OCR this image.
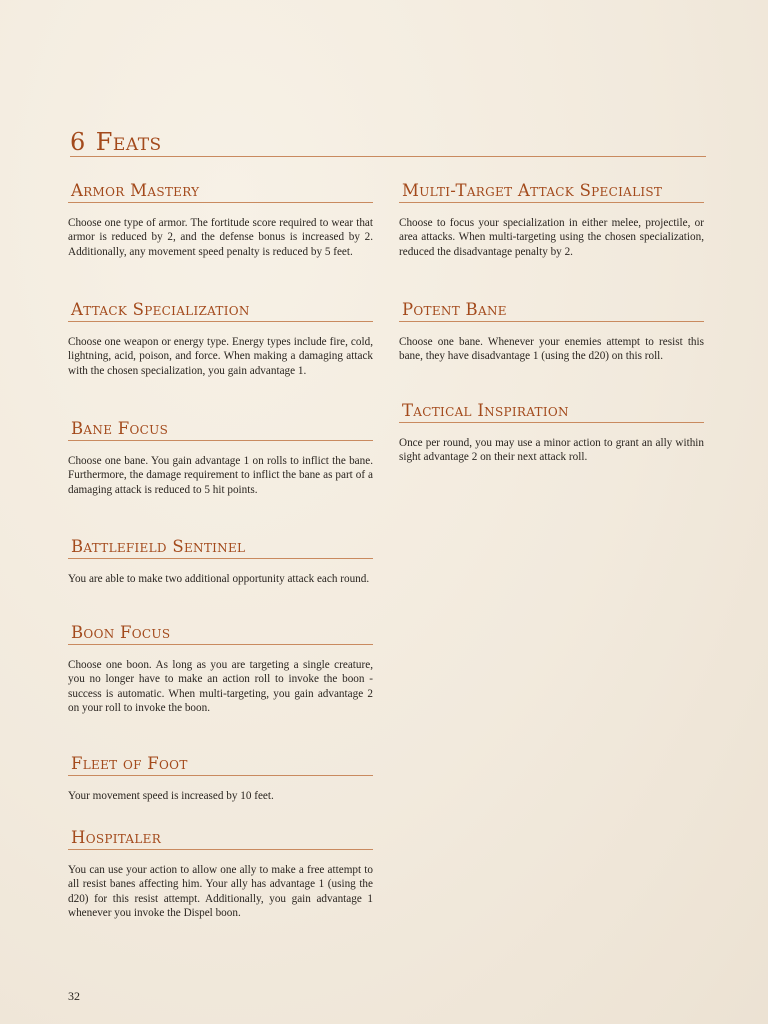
6 Feats
Armor Mastery

Choose one type of armor. The fortitude score required to wear that armor is reduced by 2, and the defense bonus is increased by 2. Additionally, any movement speed penalty is reduced by 5 feet.

Attack Specialization

Choose one weapon or energy type. Energy types include fire, cold, lightning, acid, poison, and force. When making a damaging attack with the chosen specialization, you gain advantage 1.

Bane Focus

Choose one bane. You gain advantage 1 on rolls to inflict the bane. Furthermore, the damage requirement to inflict the bane as part of a damaging attack is reduced to 5 hit points.

Battlefield Sentinel

You are able to make two additional opportunity attack each round.

Boon Focus

Choose one boon. As long as you are targeting a single creature, you no longer have to make an action roll to invoke the boon - success is automatic. When multi-targeting, you gain advantage 2 on your roll to invoke the boon.

Fleet of Foot

Your movement speed is increased by 10 feet.

Hospitaler

You can use your action to allow one ally to make a free attempt to all resist banes affecting him. Your ally has advantage 1 (using the d20) for this resist attempt. Additionally, you gain advantage 1 whenever you invoke the Dispel boon.

Multi-Target Attack Specialist

Choose to focus your specialization in either melee, projectile, or area attacks. When multi-targeting using the chosen specialization, reduced the disadvantage penalty by 2.

Potent Bane

Choose one bane. Whenever your enemies attempt to resist this bane, they have disadvantage 1 (using the d20) on this roll.

Tactical Inspiration

Once per round, you may use a minor action to grant an ally within sight advantage 2 on their next attack roll.

32
